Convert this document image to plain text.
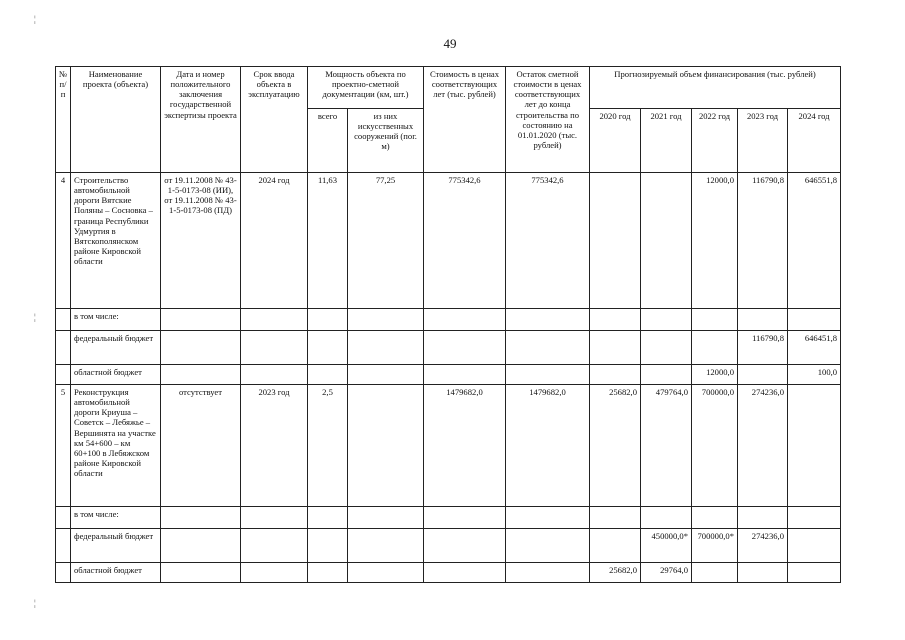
¦
¦
¦
49
№ п/п	Наименование проекта (объекта)	Дата и номер положительного заключения государственной экспертизы проекта	Срок ввода объекта в эксплуатацию	Мощность объекта по проектно-сметной документации (км, шт.)		Стоимость в ценах соответствующих лет (тыс. рублей)	Остаток сметной стоимости в ценах соответствующих лет до конца строительства по состоянию на 01.01.2020 (тыс. рублей)	Прогнозируемый объем финансирования (тыс. рублей)				
				всего	из них искусственных сооружений (пог. м)			2020 год	2021 год	2022 год	2023 год	2024 год
4	Строительство автомобильной дороги Вятские Поляны – Сосновка – граница Республики Удмуртия в Вятскополянском районе Кировской области	от 19.11.2008 № 43-1-5-0173-08 (ИИ), от 19.11.2008 № 43-1-5-0173-08 (ПД)	2024 год	11,63	77,25	775342,6	775342,6			12000,0	116790,8	646551,8
	в том числе:											
	федеральный бюджет										116790,8	646451,8
	областной бюджет									12000,0		100,0
5	Реконструкция автомобильной дороги Криуша – Советск – Лебяжье – Вершинята на участке км 54+600 – км 60+100 в Лебяжском районе Кировской области	отсутствует	2023 год	2,5		1479682,0	1479682,0	25682,0	479764,0	700000,0	274236,0	
	в том числе:											
	федеральный бюджет								450000,0*	700000,0*	274236,0	
	областной бюджет							25682,0	29764,0			
